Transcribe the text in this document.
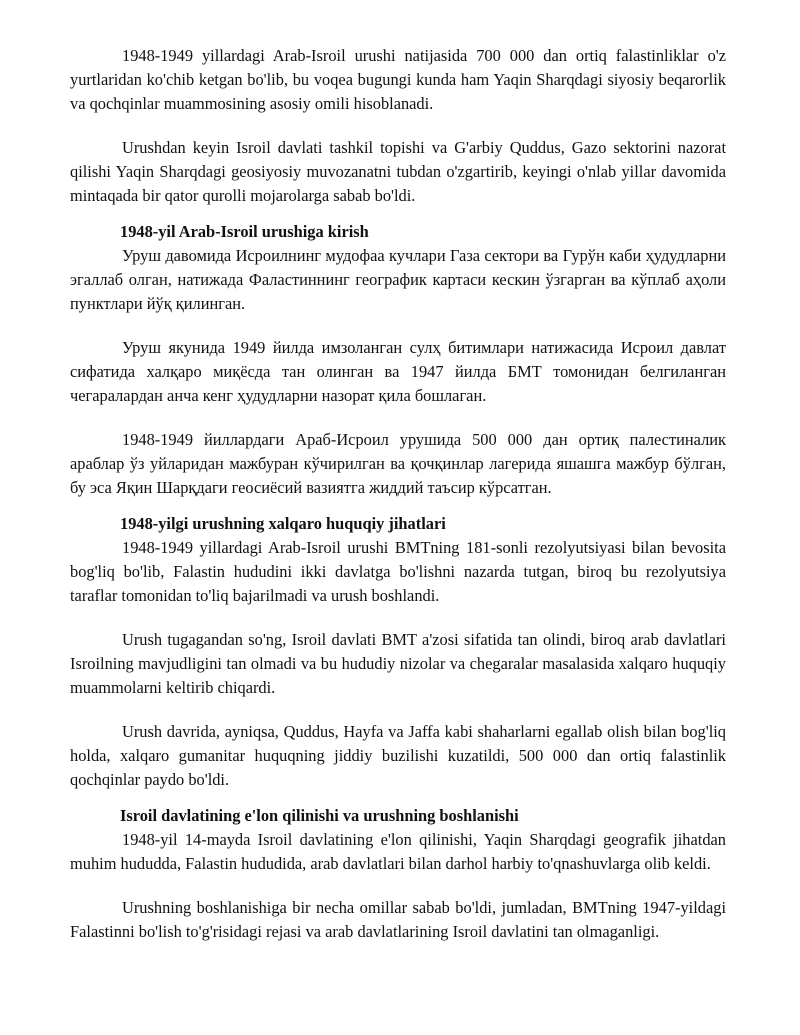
1948-1949 yillardagi Arab-Isroil urushi natijasida 700 000 dan ortiq falastinliklar o'z yurtlaridan ko'chib ketgan bo'lib, bu voqea bugungi kunda ham Yaqin Sharqdagi siyosiy beqarorlik va qochqinlar muammosining asosiy omili hisoblanadi.

Urushdan keyin Isroil davlati tashkil topishi va G'arbiy Quddus, Gazo sektorini nazorat qilishi Yaqin Sharqdagi geosiyosiy muvozanatni tubdan o'zgartirib, keyingi o'nlab yillar davomida mintaqada bir qator qurolli mojarolarga sabab bo'ldi.

1948-yil Arab-Isroil urushiga kirish

Уруш давомида Исроилнинг мудофаа кучлари Газа сектори ва Гурўн каби ҳудудларни эгаллаб олган, натижада Фаластиннинг географик картаси кескин ўзгарган ва кўплаб аҳоли пунктлари йўқ қилинган.

Уруш якунида 1949 йилда имзоланган сулҳ битимлари натижасида Исроил давлат сифатида халқаро миқёсда тан олинган ва 1947 йилда БМТ томонидан белгиланган чегаралардан анча кенг ҳудудларни назорат қила бошлаган.

1948-1949 йиллардаги Араб-Исроил урушида 500 000 дан ортиқ палестиналик араблар ўз уйларидан мажбуран кўчирилган ва қочқинлар лагерида яшашга мажбур бўлган, бу эса Яқин Шарқдаги геосиёсий вазиятга жиддий таъсир кўрсатган.

1948-yilgi urushning xalqaro huquqiy jihatlari

1948-1949 yillardagi Arab-Isroil urushi BMTning 181-sonli rezolyutsiyasi bilan bevosita bog'liq bo'lib, Falastin hududini ikki davlatga bo'lishni nazarda tutgan, biroq bu rezolyutsiya taraflar tomonidan to'liq bajarilmadi va urush boshlandi.

Urush tugagandan so'ng, Isroil davlati BMT a'zosi sifatida tan olindi, biroq arab davlatlari Isroilning mavjudligini tan olmadi va bu hududiy nizolar va chegaralar masalasida xalqaro huquqiy muammolarni keltirib chiqardi.

Urush davrida, ayniqsa, Quddus, Hayfa va Jaffa kabi shaharlarni egallab olish bilan bog'liq holda, xalqaro gumanitar huquqning jiddiy buzilishi kuzatildi, 500 000 dan ortiq falastinlik qochqinlar paydo bo'ldi.

Isroil davlatining e'lon qilinishi va urushning boshlanishi

1948-yil 14-mayda Isroil davlatining e'lon qilinishi, Yaqin Sharqdagi geografik jihatdan muhim hududda, Falastin hududida, arab davlatlari bilan darhol harbiy to'qnashuvlarga olib keldi.

Urushning boshlanishiga bir necha omillar sabab bo'ldi, jumladan, BMTning 1947-yildagi Falastinni bo'lish to'g'risidagi rejasi va arab davlatlarining Isroil davlatini tan olmaganligi.
